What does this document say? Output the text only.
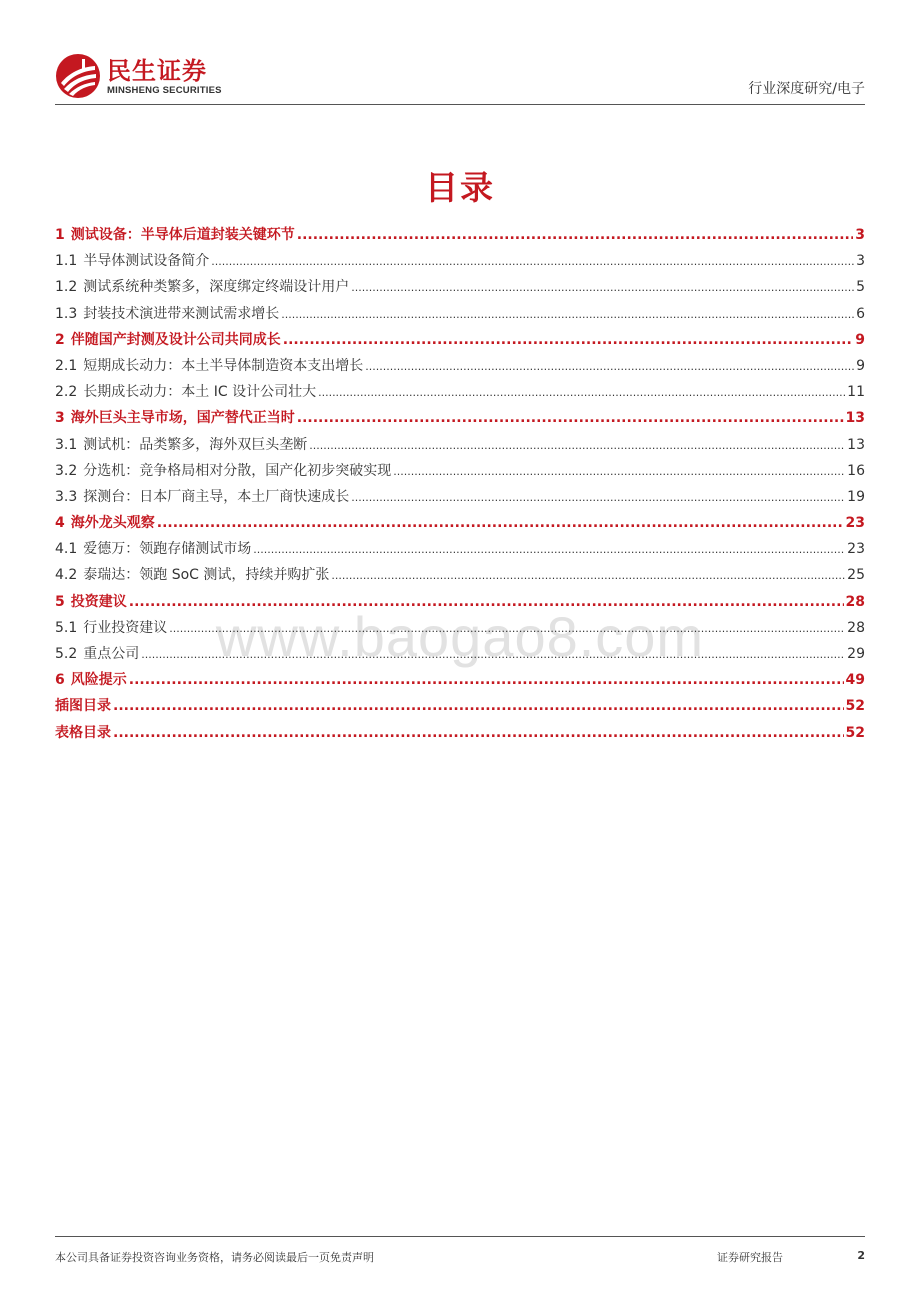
民生证券
MINSHENG SECURITIES	行业深度研究/电子
目录
www.baogao8.com
1 测试设备：半导体后道封装关键环节 .....	3
1.1 半导体测试设备简介 .....	3
1.2 测试系统种类繁多，深度绑定终端设计用户 .....	5
1.3 封装技术演进带来测试需求增长 .....	6
2 伴随国产封测及设计公司共同成长 .....	9
2.1 短期成长动力：本土半导体制造资本支出增长 .....	9
2.2 长期成长动力：本土 IC 设计公司壮大 .....	11
3 海外巨头主导市场，国产替代正当时 .....	13
3.1 测试机：品类繁多，海外双巨头垄断 .....	13
3.2 分选机：竞争格局相对分散，国产化初步突破实现 .....	16
3.3 探测台：日本厂商主导，本土厂商快速成长 .....	19
4 海外龙头观察 .....	23
4.1 爱德万：领跑存储测试市场 .....	23
4.2 泰瑞达：领跑 SoC 测试，持续并购扩张 .....	25
5 投资建议 .....	28
5.1 行业投资建议 .....	28
5.2 重点公司 .....	29
6 风险提示 .....	49
插图目录 .....	52
表格目录 .....	52
本公司具备证券投资咨询业务资格，请务必阅读最后一页免责声明	证券研究报告	2
